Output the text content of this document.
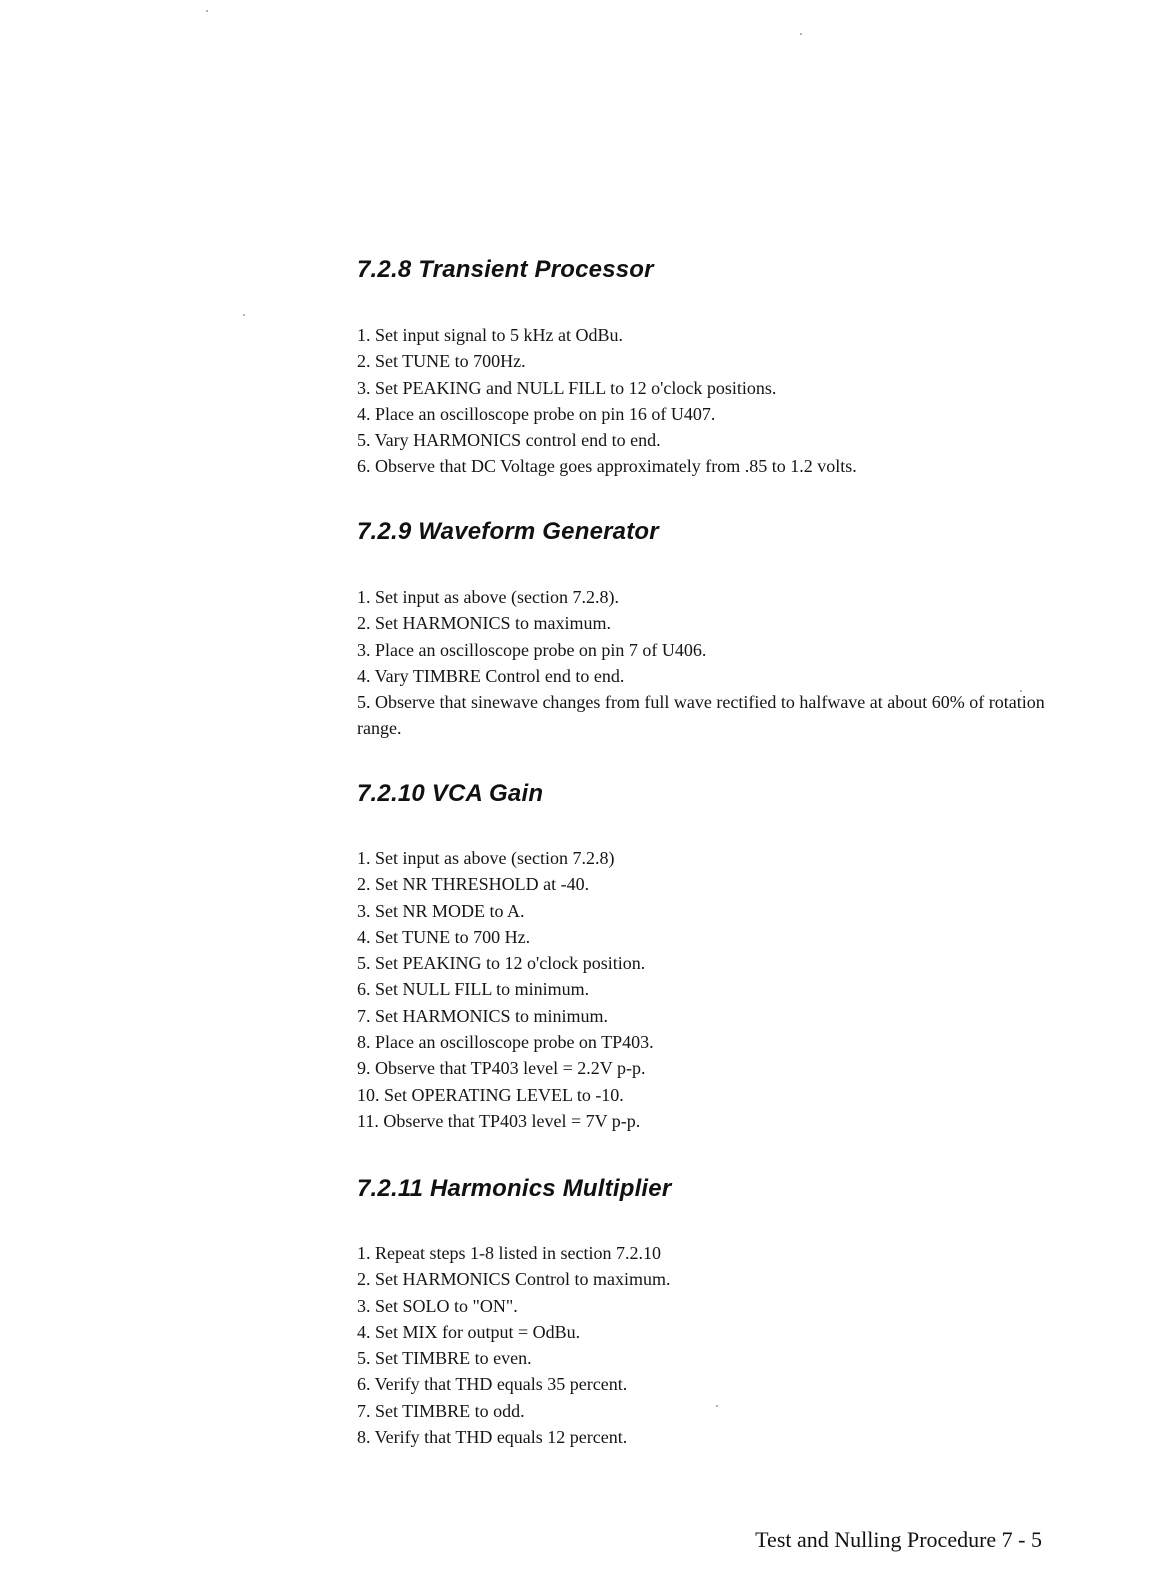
7.2.8 Transient Processor
1. Set input signal to 5 kHz at OdBu.
2. Set TUNE to 700Hz.
3. Set PEAKING and NULL FILL to 12 o'clock positions.
4. Place an oscilloscope probe on pin 16 of U407.
5. Vary HARMONICS control end to end.
6. Observe that DC Voltage goes approximately from .85 to 1.2 volts.
7.2.9 Waveform Generator
1. Set input as above (section 7.2.8).
2. Set HARMONICS to maximum.
3. Place an oscilloscope probe on pin 7 of U406.
4. Vary TIMBRE Control end to end.
5. Observe that sinewave changes from full wave rectified to halfwave at about 60% of rotation range.
7.2.10 VCA Gain
1. Set input as above (section 7.2.8)
2. Set NR THRESHOLD at -40.
3. Set NR MODE to A.
4. Set TUNE to 700 Hz.
5. Set PEAKING to 12 o'clock position.
6. Set NULL FILL to minimum.
7. Set HARMONICS to minimum.
8. Place an oscilloscope probe on TP403.
9. Observe that TP403 level = 2.2V p-p.
10. Set OPERATING LEVEL to -10.
11. Observe that TP403 level = 7V p-p.
7.2.11 Harmonics Multiplier
1. Repeat steps 1-8 listed in section 7.2.10
2. Set HARMONICS Control to maximum.
3. Set SOLO to "ON".
4. Set MIX for output = OdBu.
5. Set TIMBRE to even.
6. Verify that THD equals 35 percent.
7. Set TIMBRE to odd.
8. Verify that THD equals 12 percent.
Test and Nulling Procedure 7 - 5
